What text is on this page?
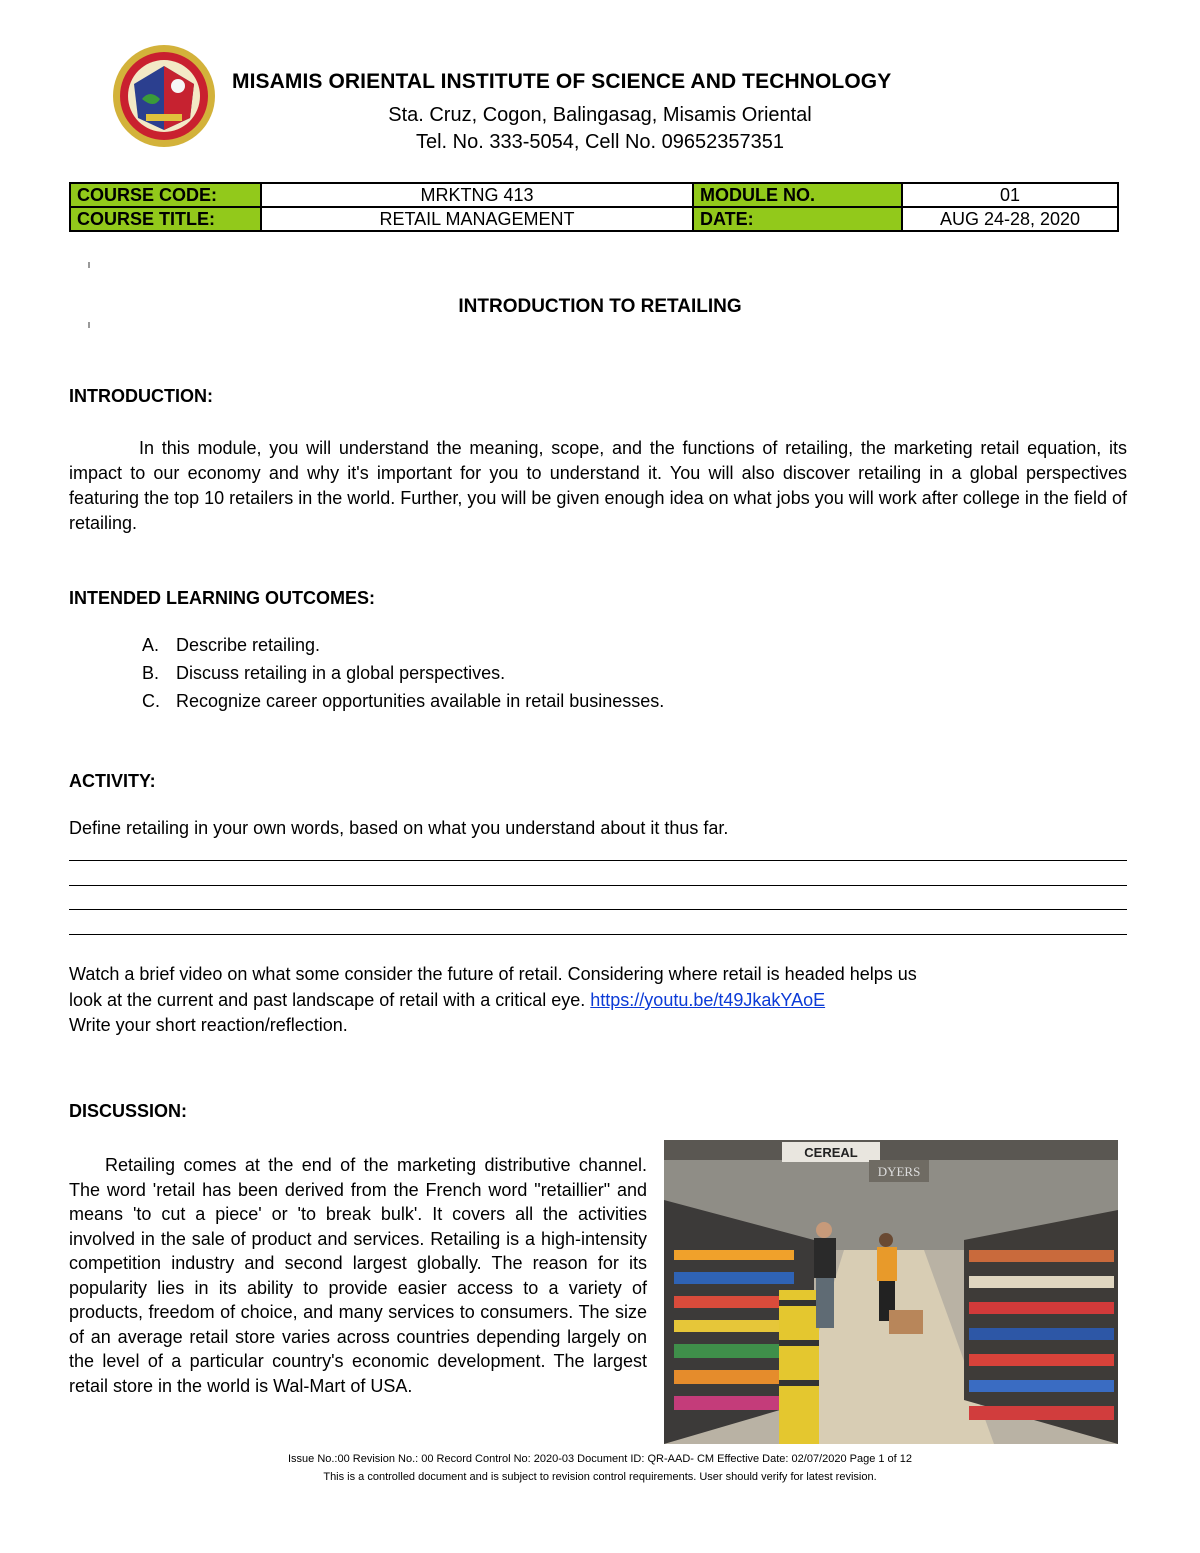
MISAMIS ORIENTAL INSTITUTE OF SCIENCE AND TECHNOLOGY
Sta. Cruz, Cogon, Balingasag, Misamis Oriental
Tel. No. 333-5054, Cell No. 09652357351
COURSE CODE:	MRKTNG 413	MODULE NO.	01
COURSE TITLE:	RETAIL MANAGEMENT	DATE:	AUG 24-28, 2020
INTRODUCTION TO RETAILING
INTRODUCTION:
In this module, you will understand the meaning, scope, and the functions of retailing, the marketing retail equation, its impact to our economy and why it's important for you to understand it. You will also discover retailing in a global perspectives featuring the top 10 retailers in the world. Further, you will be given enough idea on what jobs you will work after college in the field of retailing.
INTENDED LEARNING OUTCOMES:
A. Describe retailing.
B. Discuss retailing in a global perspectives.
C. Recognize career opportunities available in retail businesses.
ACTIVITY:
Define retailing in your own words, based on what you understand about it thus far.
Watch a brief video on what some consider the future of retail. Considering where retail is headed helps us
look at the current and past landscape of retail with a critical eye. https://youtu.be/t49JkakYAoE
Write your short reaction/reflection.
DISCUSSION:
Retailing comes at the end of the marketing distributive channel. The word 'retail has been derived from the French word "retaillier" and means 'to cut a piece' or 'to break bulk'. It covers all the activities involved in the sale of product and services. Retailing is a high-intensity competition industry and second largest globally. The reason for its popularity lies in its ability to provide easier access to a variety of products, freedom of choice, and many services to consumers. The size of an average retail store varies across countries depending largely on the level of a particular country's economic development. The largest retail store in the world is Wal-Mart of USA.
CEREAL
DYERS
Issue No.:00 Revision No.: 00 Record Control No: 2020-03 Document ID: QR-AAD- CM Effective Date: 02/07/2020 Page 1 of 12
This is a controlled document and is subject to revision control requirements. User should verify for latest revision.
